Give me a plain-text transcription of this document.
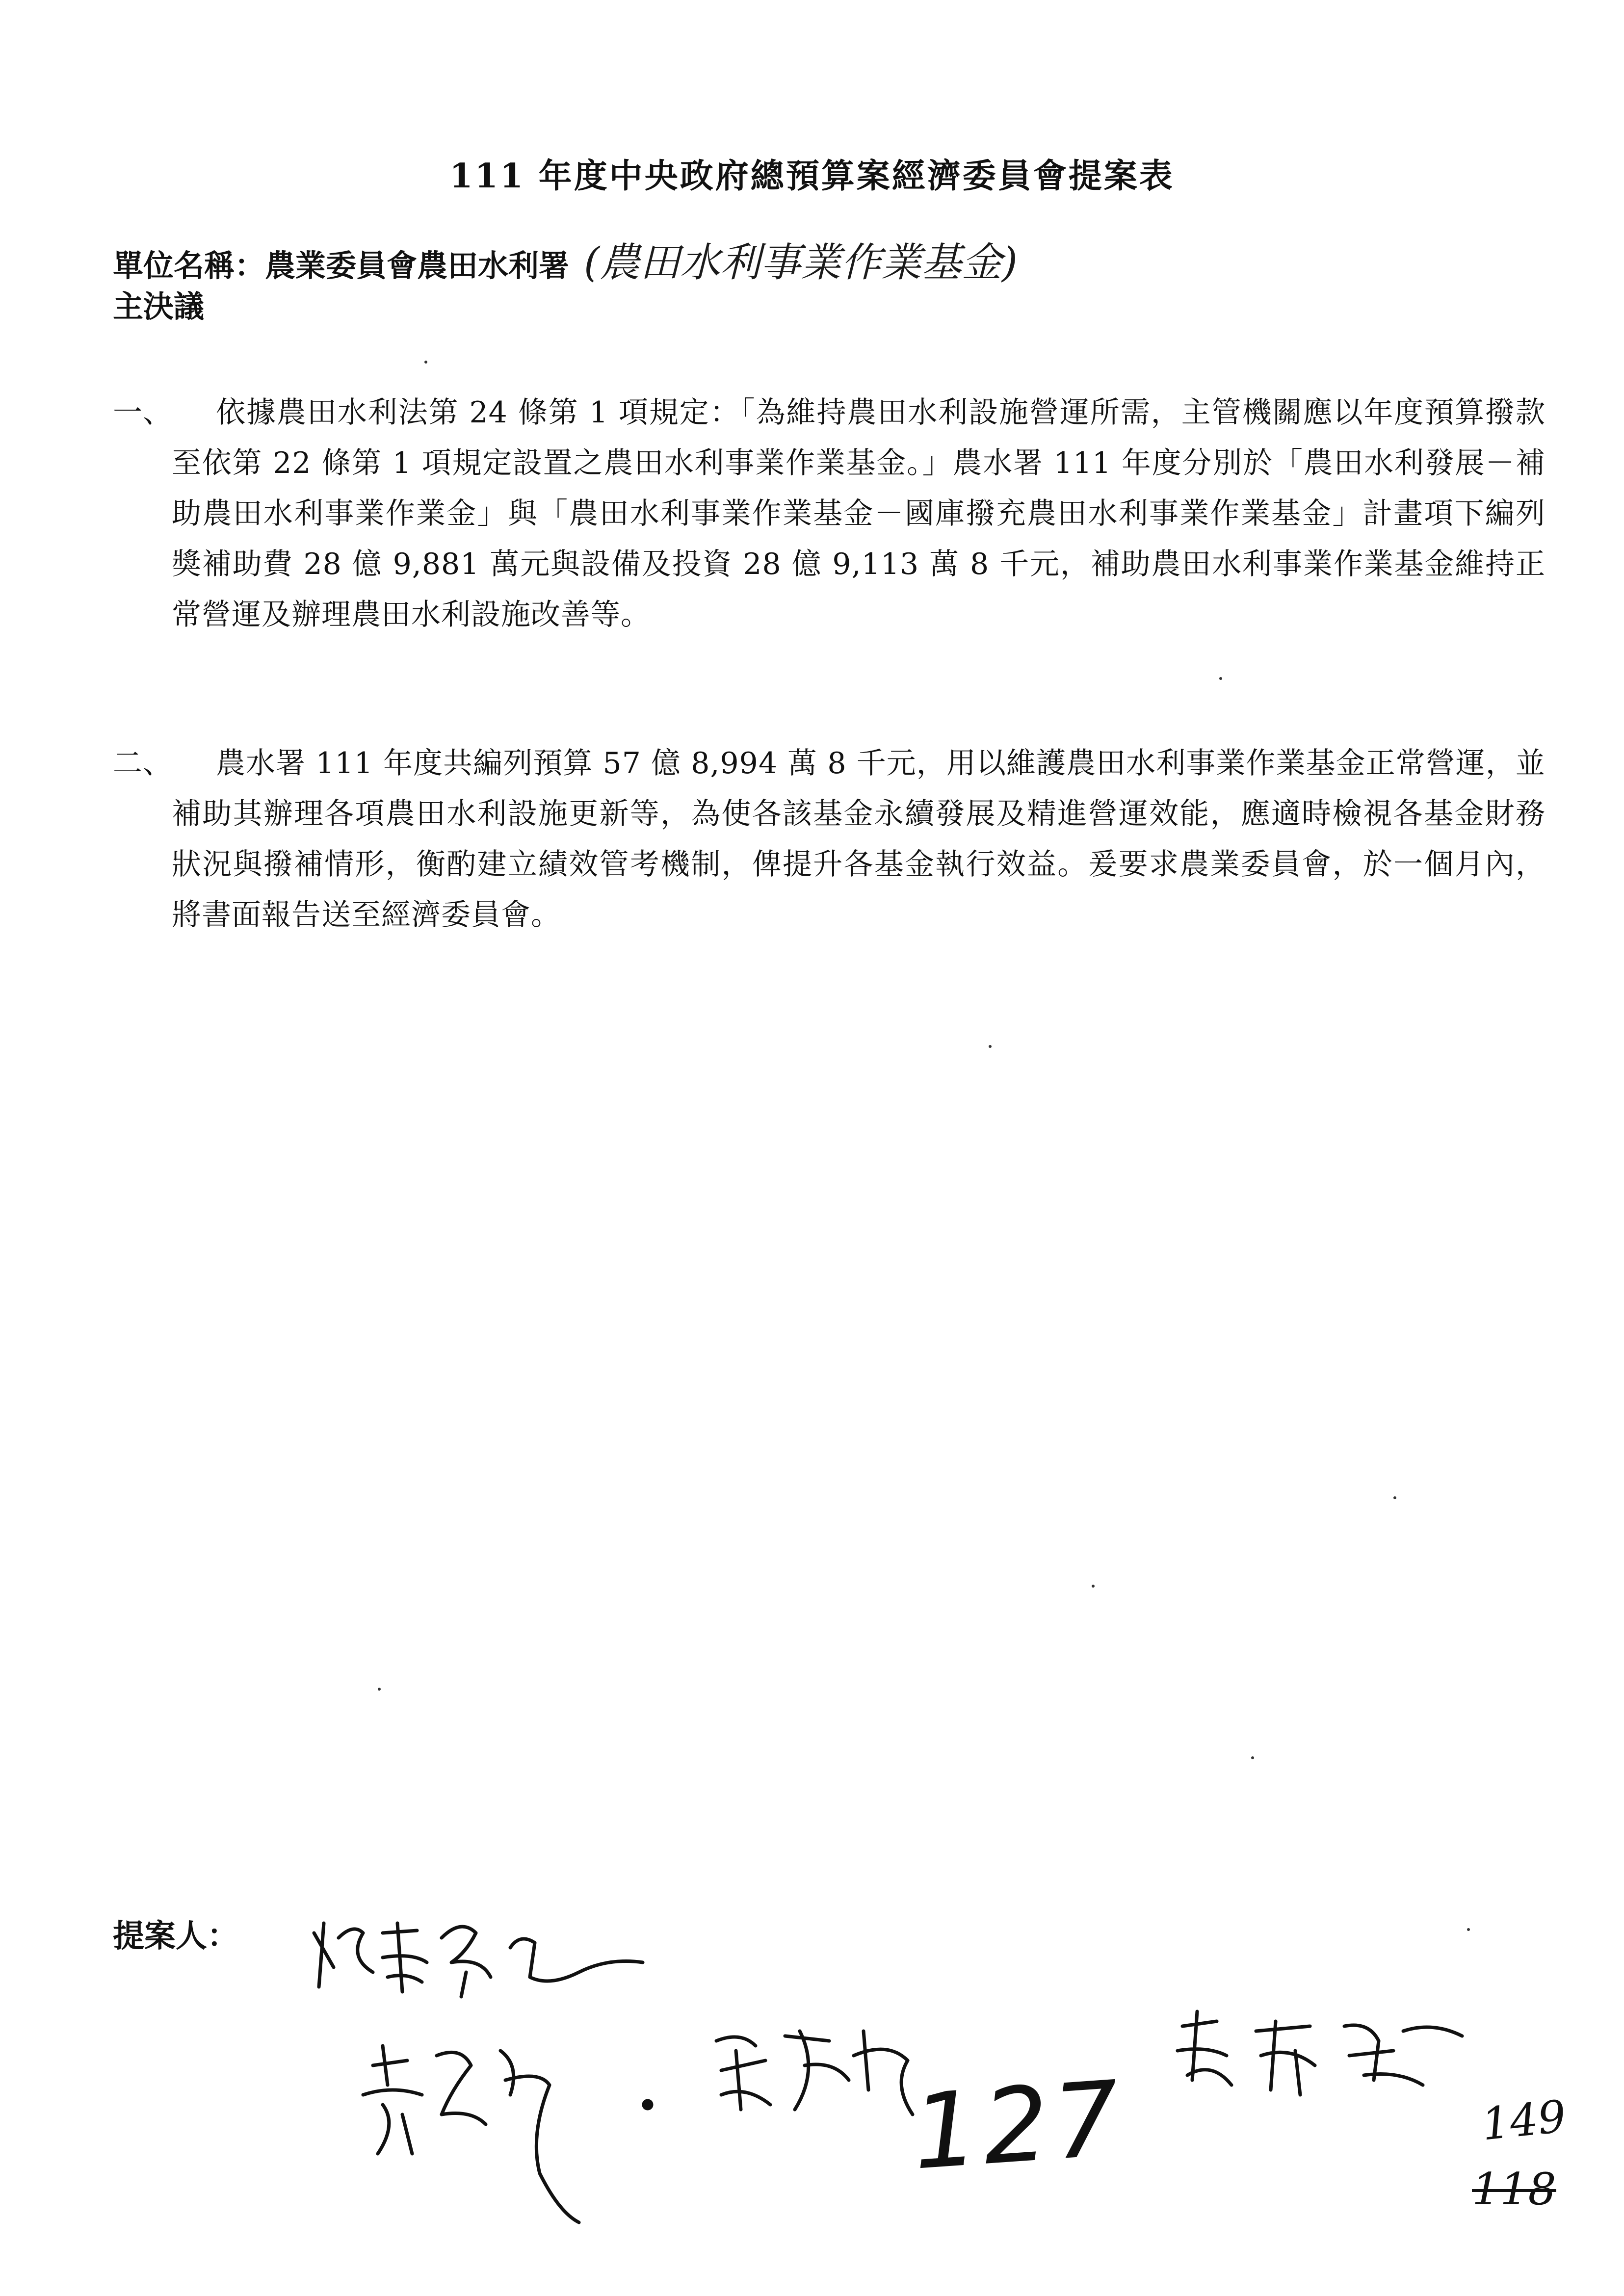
111 年度中央政府總預算案經濟委員會提案表
單位名稱：農業委員會農田水利署 (農田水利事業作業基金)
主決議
一、	依據農田水利法第 24 條第 1 項規定：「為維持農田水利設施營運所需，主管機關應以年度預算撥款至依第 22 條第 1 項規定設置之農田水利事業作業基金。」農水署 111 年度分別於「農田水利發展－補助農田水利事業作業金」與「農田水利事業作業基金－國庫撥充農田水利事業作業基金」計畫項下編列獎補助費 28 億 9,881 萬元與設備及投資 28 億 9,113 萬 8 千元，補助農田水利事業作業基金維持正常營運及辦理農田水利設施改善等。
二、	農水署 111 年度共編列預算 57 億 8,994 萬 8 千元，用以維護農田水利事業作業基金正常營運，並補助其辦理各項農田水利設施更新等，為使各該基金永續發展及精進營運效能，應適時檢視各基金財務狀況與撥補情形，衡酌建立績效管考機制，俾提升各基金執行效益。爰要求農業委員會，於一個月內，將書面報告送至經濟委員會。
提案人：
127	149
118
